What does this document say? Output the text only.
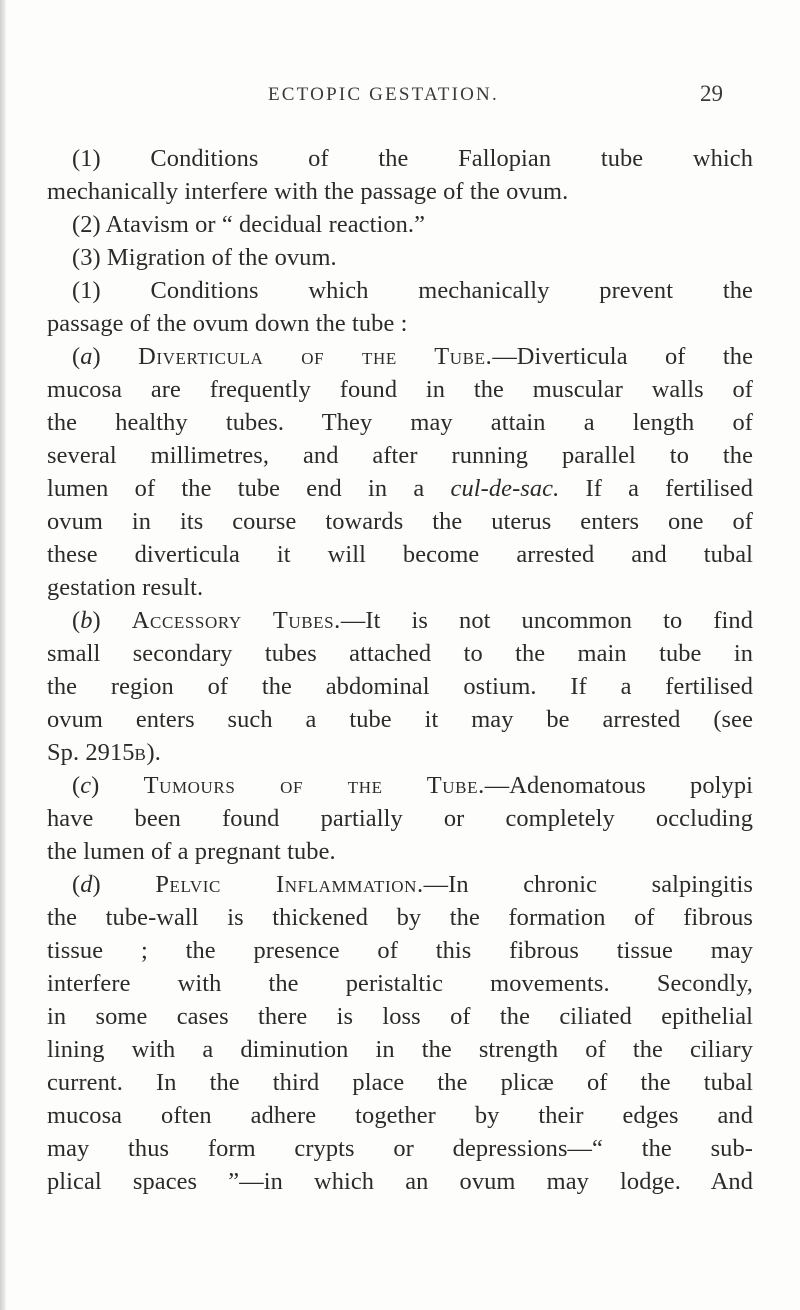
ECTOPIC GESTATION.	29
(1) Conditions of the Fallopian tube which
mechanically interfere with the passage of the ovum.
(2) Atavism or “ decidual reaction.”
(3) Migration of the ovum.
(1) Conditions which mechanically prevent the
passage of the ovum down the tube :
(a) Diverticula of the Tube.—Diverticula of the
mucosa are frequently found in the muscular walls of
the healthy tubes. They may attain a length of
several millimetres, and after running parallel to the
lumen of the tube end in a cul-de-sac. If a fertilised
ovum in its course towards the uterus enters one of
these diverticula it will become arrested and tubal
gestation result.
(b) Accessory Tubes.—It is not uncommon to find
small secondary tubes attached to the main tube in
the region of the abdominal ostium. If a fertilised
ovum enters such a tube it may be arrested (see
Sp. 2915b).
(c) Tumours of the Tube.—Adenomatous polypi
have been found partially or completely occluding
the lumen of a pregnant tube.
(d) Pelvic Inflammation.—In chronic salpingitis
the tube-wall is thickened by the formation of fibrous
tissue ; the presence of this fibrous tissue may
interfere with the peristaltic movements. Secondly,
in some cases there is loss of the ciliated epithelial
lining with a diminution in the strength of the ciliary
current. In the third place the plicæ of the tubal
mucosa often adhere together by their edges and
may thus form crypts or depressions—“ the sub-
plical spaces ”—in which an ovum may lodge. And
